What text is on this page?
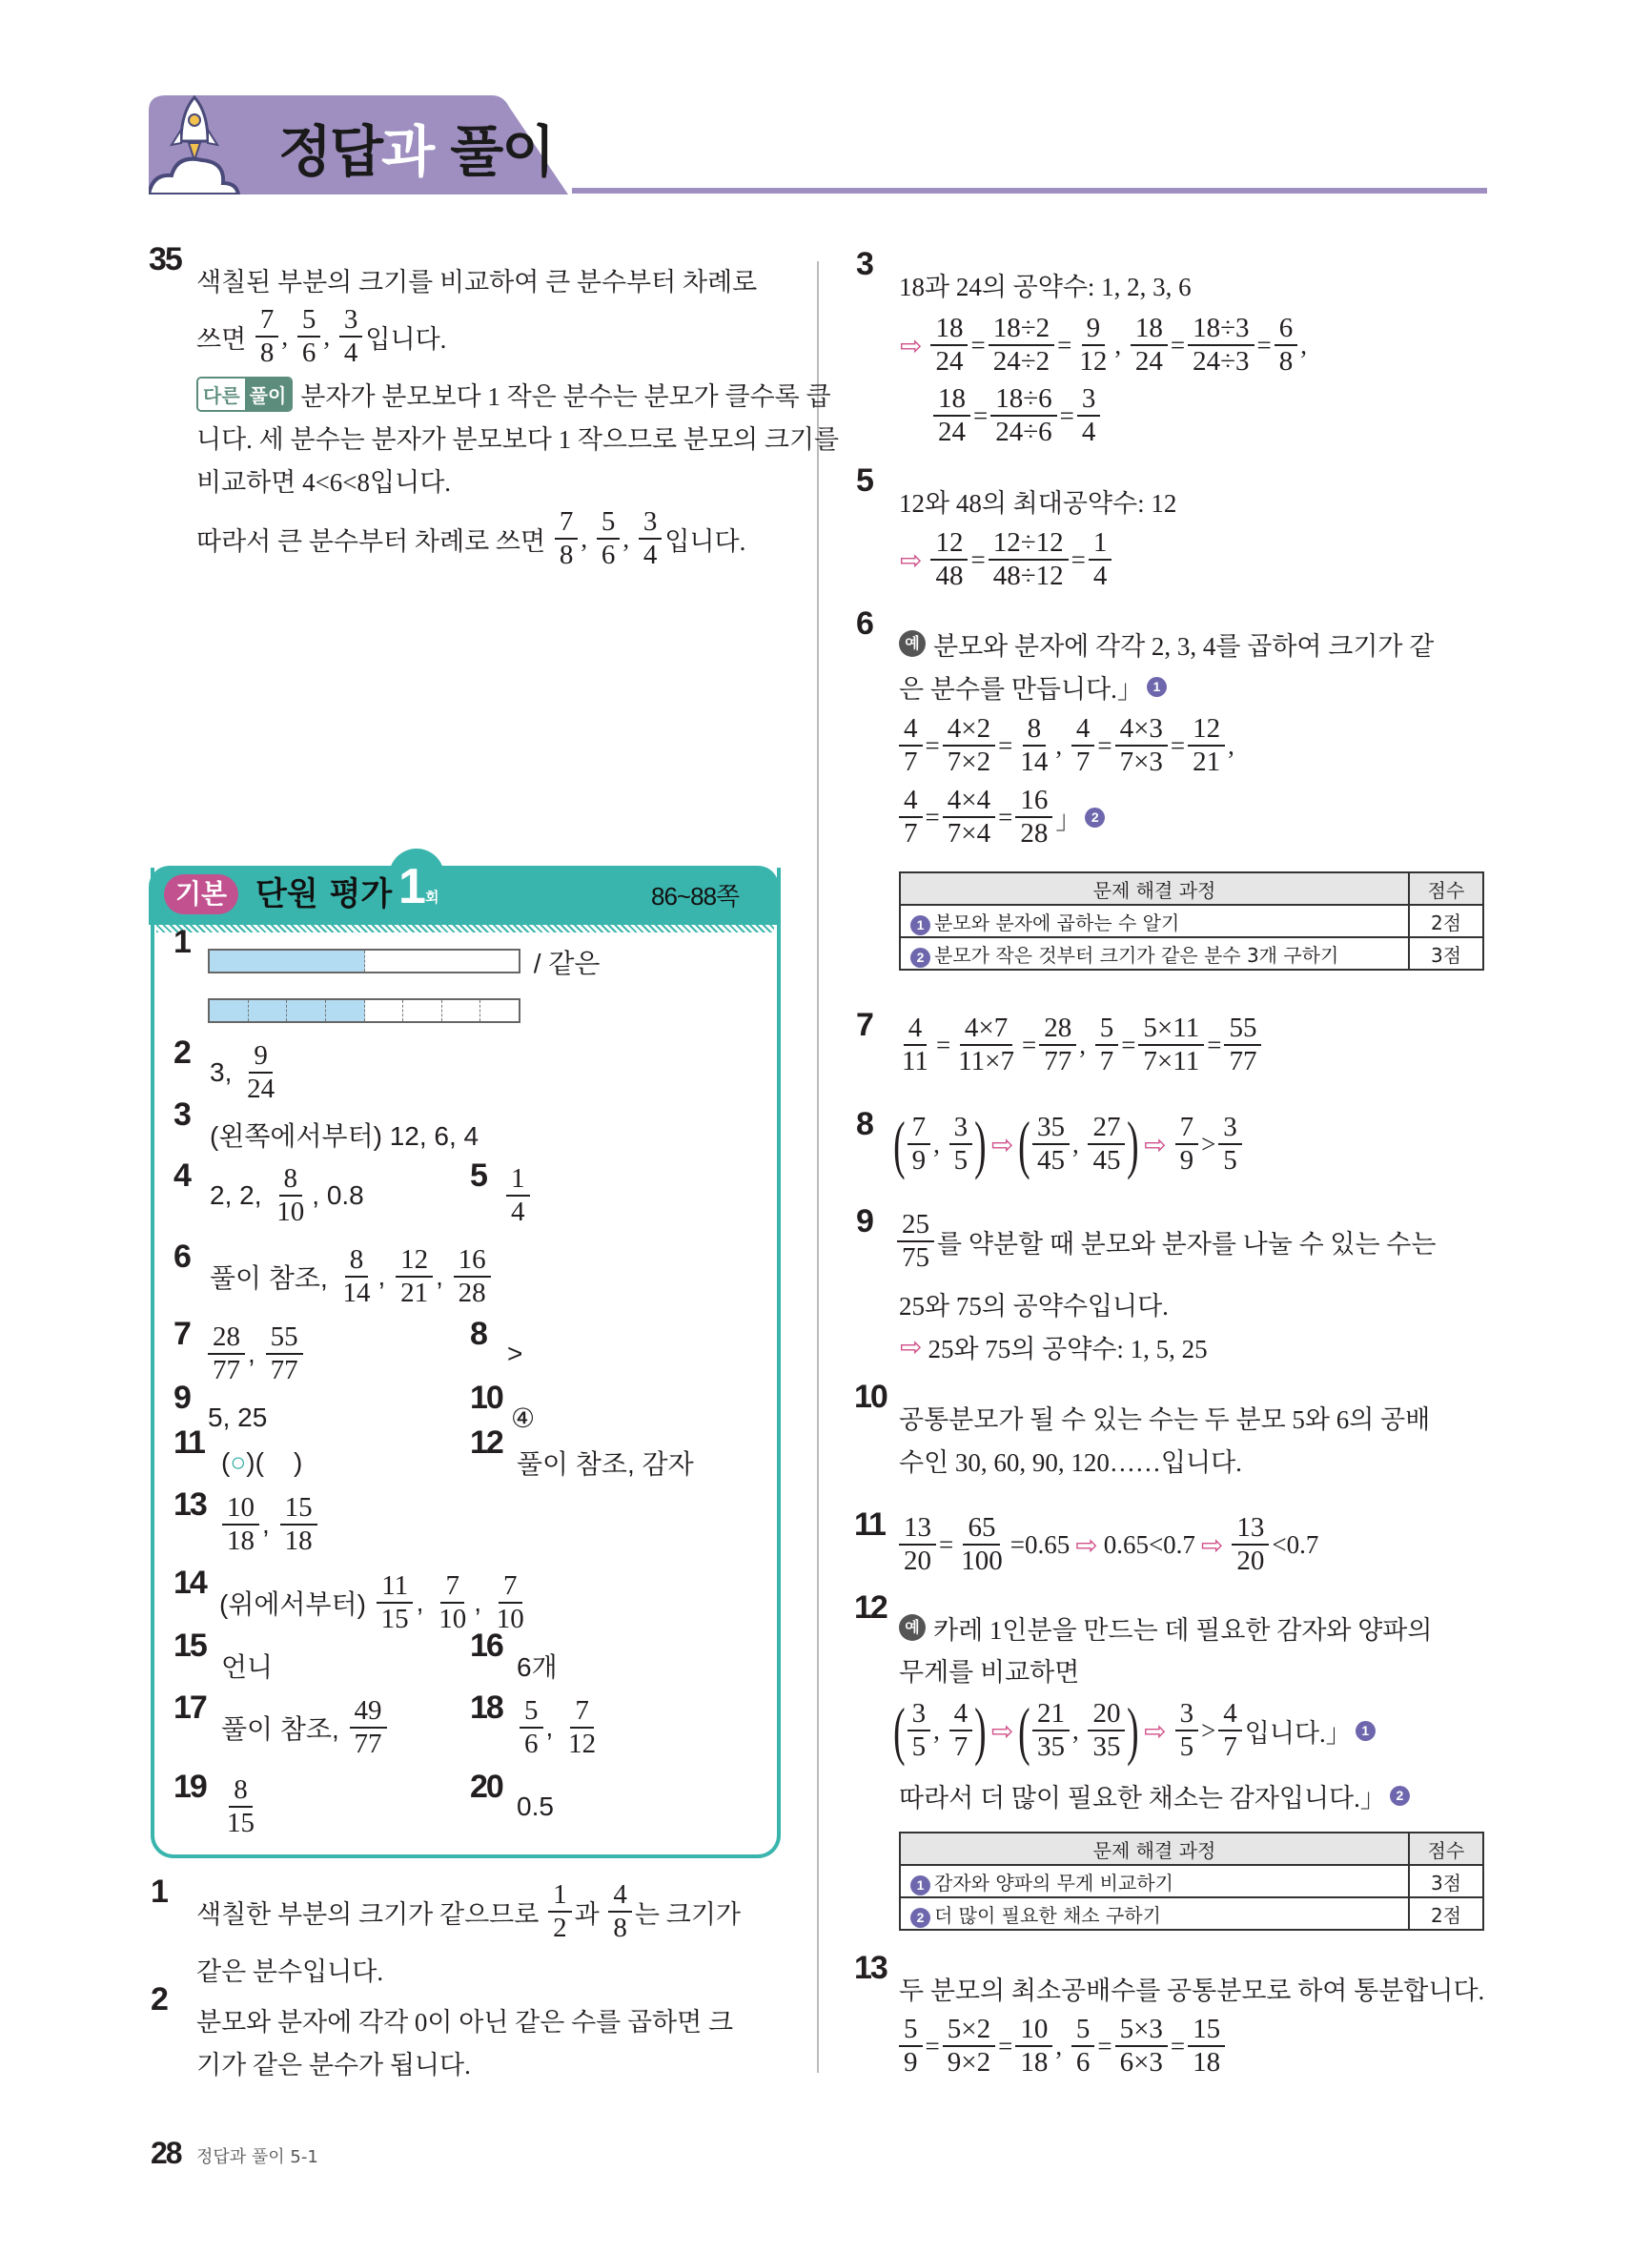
정답과 풀이
35
색칠된 부분의 크기를 비교하여 큰 분수부터 차례로
쓰면 $\frac{7}{8}$ , $\frac{5}{6}$ , $\frac{3}{4}$ 입니다.
다른 풀이 분자가 분모보다 1 작은 분수는 분모가 클수록 큽
니다. 세 분수는 분자가 분모보다 1 작으므로 분모의 크기를
비교하면 4<6<8입니다.
따라서 큰 분수부터 차례로 쓰면 $\frac{7}{8}$ , $\frac{5}{6}$ , $\frac{3}{4}$ 입니다.
기본 단원 평가 1 회	86~88쪽
1
/ 같은
2
3, $\frac{9}{24}$
3
(왼쪽에서부터) 12, 6, 4
4
2, 2, $\frac{8}{10}$ , 0.8
$5 \frac{1}{4}$
6
풀이 참조, $\frac{8}{14}$ , $\frac{12}{21}$ , $\frac{16}{28}$
$7 \frac{28}{77}$ , $\frac{55}{77}$	8
>
9
5, 25
10
④
11
( ○ )(    )
12
풀이 참조, 감자
$13 \frac{10}{18}$ , $\frac{15}{18}$
14
(위에서부터) $\frac{11}{15}$ , $\frac{7}{10}$ , $\frac{7}{10}$
15
언니
16
6개
17
풀이 참조, $\frac{49}{77}$	$18 \frac{5}{6}$ , $\frac{7}{12}$
$19 \frac{8}{15}$	20
0.5
1
색칠한 부분의 크기가 같으므로 $\frac{1}{2}$ 과 $\frac{4}{8}$ 는 크기가
같은 분수입니다.
2
분모와 분자에 각각 0이 아닌 같은 수를 곱하면 크
기가 같은 분수가 됩니다.
3
18과 24의 공약수: 1, 2, 3, 6
⇨ $\frac{18}{24} = \frac{18\div 2}{24\div 2} = \frac{9}{12}$ , $\frac{18}{24} = \frac{18\div 3}{24\div 3} = \frac{6}{8}$ ,
$\frac{18}{24} = \frac{18\div 6}{24\div 6} = \frac{3}{4}$
5
12와 48의 최대공약수: 12
⇨ $\frac{12}{48} = \frac{12\div 12}{48\div 12} = \frac{1}{4}$
6
예 분모와 분자에 각각 2, 3, 4를 곱하여 크기가 같
은 분수를 만듭니다.」 1
$\frac{4}{7} = \frac{4\times 2}{7\times 2} = \frac{8}{14}$ , $\frac{4}{7} = \frac{4\times 3}{7\times 3} = \frac{12}{21}$ ,
$\frac{4}{7} = \frac{4\times 4}{7\times 4} = \frac{16}{28}$ 」 2
문제 해결 과정	점수
1 분모와 분자에 곱하는 수 알기	2점
2 분모가 작은 것부터 크기가 같은 분수 3개 구하기	3점
$7 \frac{4}{11} = \frac{4\times 7}{11\times 7} = \frac{28}{77}$ , $\frac{5}{7} = \frac{5\times 11}{7\times 11} = \frac{55}{77}$
8 ( $\frac{7}{9}$ , $\frac{3}{5}$ ) ⇨ ( $\frac{35}{45}$ , $\frac{27}{45}$ ) ⇨ $\frac{7}{9} > \frac{3}{5}$
$9 \frac{25}{75}$ 를 약분할 때 분모와 분자를 나눌 수 있는 수는
25와 75의 공약수입니다.
⇨ 25와 75의 공약수: 1, 5, 25
10
공통분모가 될 수 있는 수는 두 분모 5와 6의 공배
수인 30, 60, 90, 120……입니다.
$11 \frac{13}{20} = \frac{65}{100} =0.65$ ⇨ 0.65<0.7 ⇨ $\frac{13}{20} <0.7$
12
예 카레 1인분을 만드는 데 필요한 감자와 양파의
무게를 비교하면
( $\frac{3}{5}$ , $\frac{4}{7}$ ) ⇨ ( $\frac{21}{35}$ , $\frac{20}{35}$ ) ⇨ $\frac{3}{5} > \frac{4}{7}$ 입니다.」 1
따라서 더 많이 필요한 채소는 감자입니다.」 2
문제 해결 과정	점수
1 감자와 양파의 무게 비교하기	3점
2 더 많이 필요한 채소 구하기	2점
13
두 분모의 최소공배수를 공통분모로 하여 통분합니다.
$\frac{5}{9} = \frac{5\times 2}{9\times 2} = \frac{10}{18}$ , $\frac{5}{6} = \frac{5\times 3}{6\times 3} = \frac{15}{18}$
28 정답과 풀이 5-1
